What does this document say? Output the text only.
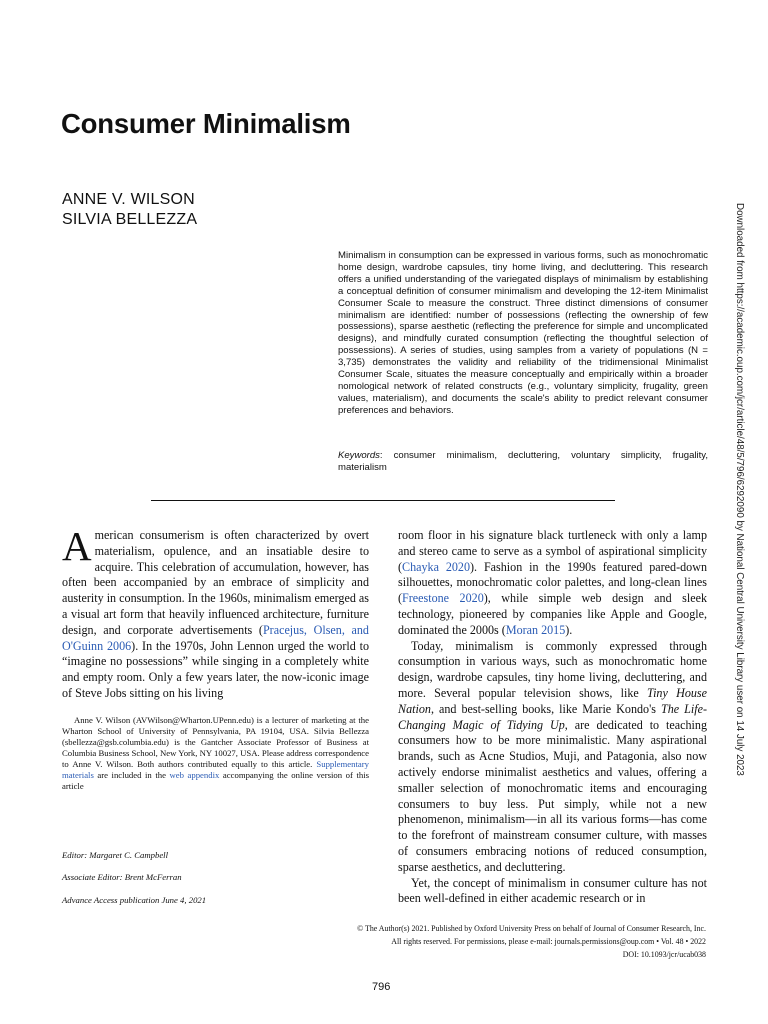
Consumer Minimalism
ANNE V. WILSON
SILVIA BELLEZZA

Minimalism in consumption can be expressed in various forms, such as monochromatic home design, wardrobe capsules, tiny home living, and decluttering. This research offers a unified understanding of the variegated displays of minimalism by establishing a conceptual definition of consumer minimalism and developing the 12-item Minimalist Consumer Scale to measure the construct. Three distinct dimensions of consumer minimalism are identified: number of possessions (reflecting the ownership of few possessions), sparse aesthetic (reflecting the preference for simple and uncomplicated designs), and mindfully curated consumption (reflecting the thoughtful selection of possessions). A series of studies, using samples from a variety of populations (N = 3,735) demonstrates the validity and reliability of the tridimensional Minimalist Consumer Scale, situates the measure conceptually and empirically within a broader nomological network of related constructs (e.g., voluntary simplicity, frugality, green values, materialism), and documents the scale's ability to predict relevant consumer preferences and behaviors.

Keywords: consumer minimalism, decluttering, voluntary simplicity, frugality, materialism

American consumerism is often characterized by overt materialism, opulence, and an insatiable desire to acquire. This celebration of accumulation, however, has often been accompanied by an embrace of simplicity and austerity in consumption. In the 1960s, minimalism emerged as a visual art form that heavily influenced architecture, furniture design, and corporate advertisements (Pracejus, Olsen, and O'Guinn 2006). In the 1970s, John Lennon urged the world to “imagine no possessions” while singing in a completely white and empty room. Only a few years later, the now-iconic image of Steve Jobs sitting on his living

Anne V. Wilson (AVWilson@Wharton.UPenn.edu) is a lecturer of marketing at the Wharton School of University of Pennsylvania, PA 19104, USA. Silvia Bellezza (sbellezza@gsb.columbia.edu) is the Gantcher Associate Professor of Business at Columbia Business School, New York, NY 10027, USA. Please address correspondence to Anne V. Wilson. Both authors contributed equally to this article. Supplementary materials are included in the web appendix accompanying the online version of this article

Editor: Margaret C. Campbell
Associate Editor: Brent McFerran
Advance Access publication June 4, 2021

room floor in his signature black turtleneck with only a lamp and stereo came to serve as a symbol of aspirational simplicity (Chayka 2020). Fashion in the 1990s featured pared-down silhouettes, monochromatic color palettes, and long-clean lines (Freestone 2020), while simple web design and sleek technology, pioneered by companies like Apple and Google, dominated the 2000s (Moran 2015).

Today, minimalism is commonly expressed through consumption in various ways, such as monochromatic home design, wardrobe capsules, tiny home living, decluttering, and more. Several popular television shows, like Tiny House Nation, and best-selling books, like Marie Kondo's The Life-Changing Magic of Tidying Up, are dedicated to teaching consumers how to be more minimalistic. Many aspirational brands, such as Acne Studios, Muji, and Patagonia, also now actively endorse minimalist aesthetics and values, offering a smaller selection of monochromatic items and encouraging consumers to buy less. Put simply, while not a new phenomenon, minimalism—in all its various forms—has come to the forefront of mainstream consumer culture, with masses of consumers embracing notions of reduced consumption, sparse aesthetics, and decluttering.

Yet, the concept of minimalism in consumer culture has not been well-defined in either academic research or in

© The Author(s) 2021. Published by Oxford University Press on behalf of Journal of Consumer Research, Inc.
All rights reserved. For permissions, please e-mail: journals.permissions@oup.com • Vol. 48 • 2022
DOI: 10.1093/jcr/ucab038
796
Downloaded from https://academic.oup.com/jcr/article/48/5/796/6292090 by National Central University Library user on 14 July 2023
